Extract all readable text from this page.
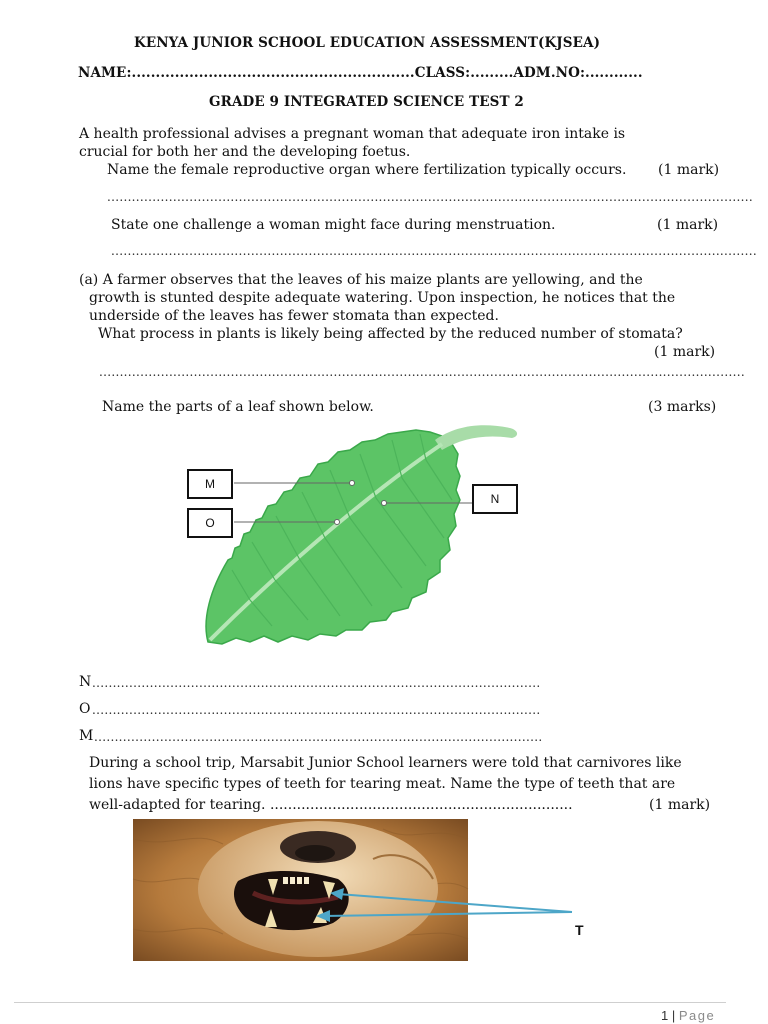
KENYA JUNIOR SCHOOL EDUCATION ASSESSMENT(KJSEA)
NAME:...........................................................CLASS:.........ADM.NO:............
GRADE 9 INTEGRATED SCIENCE TEST 2
A health professional advises a pregnant woman that adequate iron intake is
crucial for both her and the developing foetus.
Name the female reproductive organ where fertilization typically occurs. (1 mark)
.............................................................................................................................................................
State one challenge a woman might face during menstruation.	(1 mark)
.............................................................................................................................................................
(a) A farmer observes that the leaves of his maize plants are yellowing, and the
growth is stunted despite adequate watering. Upon inspection, he notices that the
underside of the leaves has fewer stomata than expected.
What process in plants is likely being affected by the reduced number of stomata?
(1 mark)
.............................................................................................................................................................
Name the parts of a leaf shown below.	(3 marks)
M
O
N
N .............................................................................................................
O .............................................................................................................
M .............................................................................................................
During a school trip, Marsabit Junior School learners were told that carnivores like
lions have specific types of teeth for tearing meat. Name the type of teeth that are
well-adapted for tearing. ....................................................................	(1 mark)
T
1 | Page
